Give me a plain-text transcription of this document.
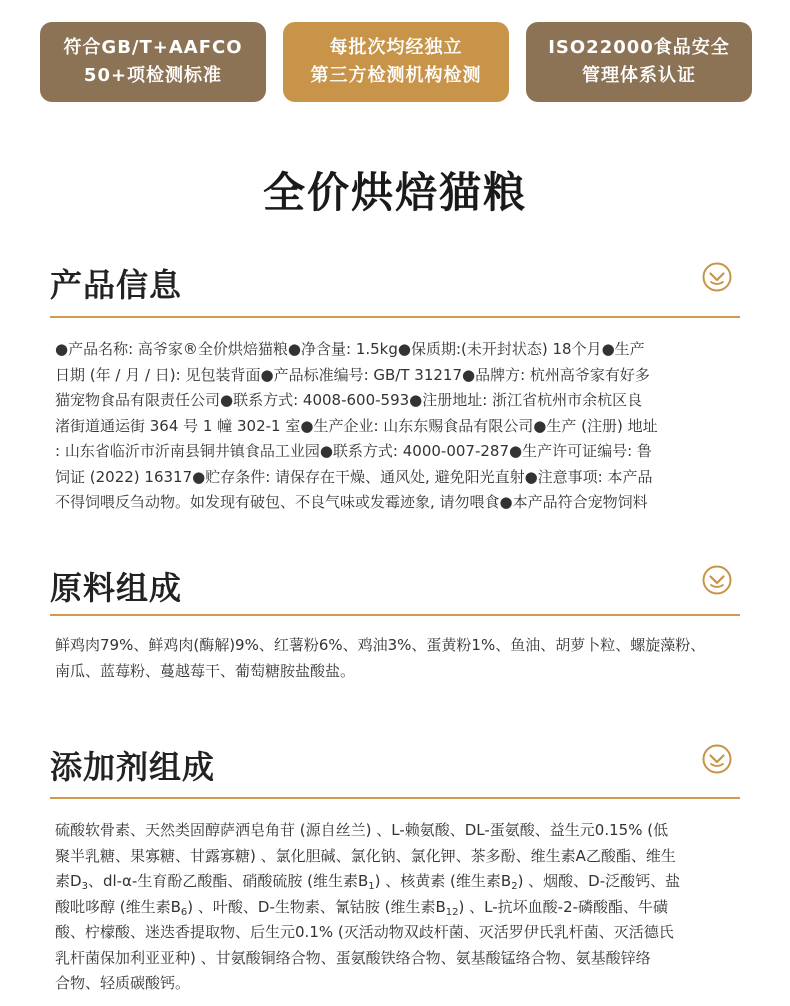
符合GB/T+AAFCO
50+项检测标准
每批次均经独立
第三方检测机构检测
ISO22000食品安全
管理体系认证
全价烘焙猫粮
产品信息

●产品名称: 高爷家®全价烘焙猫粮●净含量: 1.5kg●保质期:(未开封状态) 18个月●生产

日期 (年 / 月 / 日): 见包装背面●产品标准编号: GB/T 31217●品牌方: 杭州高爷家有好多

猫宠物食品有限责任公司●联系方式: 4008-600-593●注册地址: 浙江省杭州市余杭区良

渚街道通运街 364 号 1 幢 302-1 室●生产企业: 山东东赐食品有限公司●生产 (注册) 地址

: 山东省临沂市沂南县铜井镇食品工业园●联系方式: 4000-007-287●生产许可证编号: 鲁

饲证 (2022) 16317●贮存条件: 请保存在干燥、通风处, 避免阳光直射●注意事项: 本产品

不得饲喂反刍动物。如发现有破包、不良气味或发霉迹象, 请勿喂食●本产品符合宠物饲料

原料组成

鲜鸡肉79%、鲜鸡肉(酶解)9%、红薯粉6%、鸡油3%、蛋黄粉1%、鱼油、胡萝卜粒、螺旋藻粉、

南瓜、蓝莓粉、蔓越莓干、葡萄糖胺盐酸盐。

添加剂组成

硫酸软骨素、天然类固醇萨洒皂角苷 (源自丝兰) 、L-赖氨酸、DL-蛋氨酸、益生元0.15% (低

聚半乳糖、果寡糖、甘露寡糖) 、氯化胆碱、氯化钠、氯化钾、茶多酚、维生素A乙酸酯、维生

素$D_3$、dl-α-生育酚乙酸酯、硝酸硫胺 (维生素$B_1$) 、核黄素 (维生素$B_2$) 、烟酸、D-泛酸钙、盐

酸吡哆醇 (维生素$B_6$) 、叶酸、D-生物素、氰钴胺 (维生素$B_{12}$) 、L-抗坏血酸-2-磷酸酯、牛磺

酸、柠檬酸、迷迭香提取物、后生元0.1% (灭活动物双歧杆菌、灭活罗伊氏乳杆菌、灭活德氏

乳杆菌保加利亚亚种) 、甘氨酸铜络合物、蛋氨酸铁络合物、氨基酸锰络合物、氨基酸锌络

合物、轻质碳酸钙。
